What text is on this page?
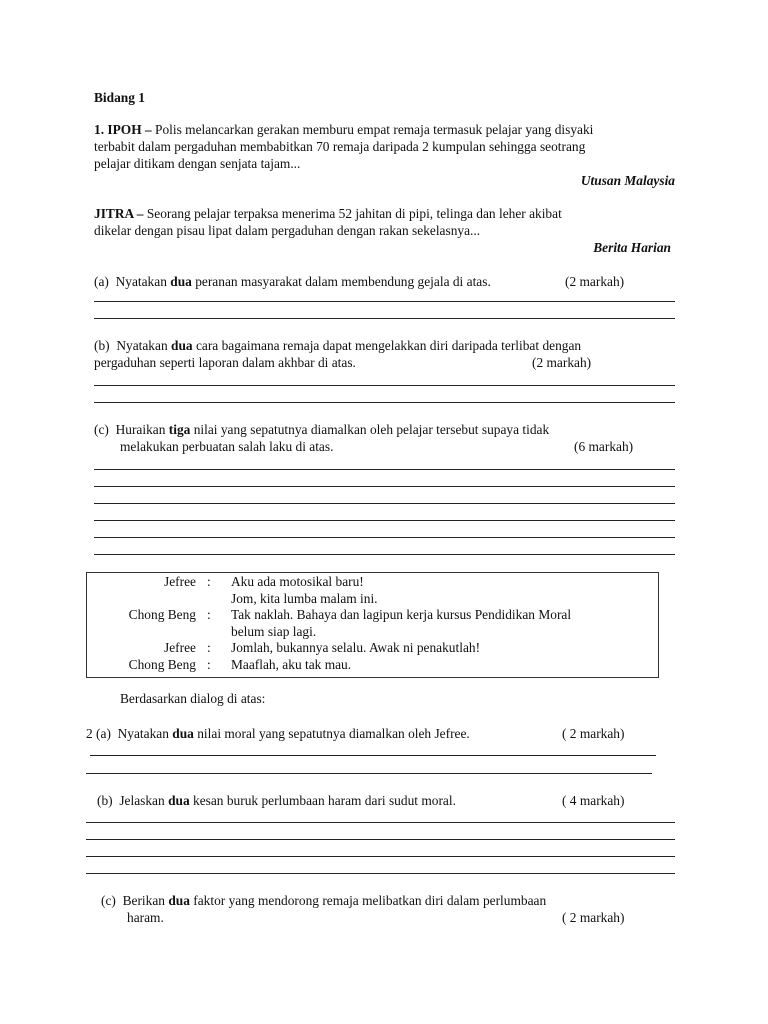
Bidang 1
1. IPOH – Polis melancarkan gerakan memburu empat remaja termasuk pelajar yang disyaki
terbabit dalam pergaduhan membabitkan 70 remaja daripada 2 kumpulan sehingga seotrang
pelajar ditikam dengan senjata tajam...
Utusan Malaysia
JITRA – Seorang pelajar terpaksa menerima 52 jahitan di pipi, telinga dan leher akibat
dikelar dengan pisau lipat dalam pergaduhan dengan rakan sekelasnya...
Berita Harian
(a) Nyatakan dua peranan masyarakat dalam membendung gejala di atas.	(2 markah)
(b) Nyatakan dua cara bagaimana remaja dapat mengelakkan diri daripada terlibat dengan
pergaduhan seperti laporan dalam akhbar di atas.	(2 markah)
(c) Huraikan tiga nilai yang sepatutnya diamalkan oleh pelajar tersebut supaya tidak
melakukan perbuatan salah laku di atas.	(6 markah)
Jefree : Aku ada motosikal baru!
Jom, kita lumba malam ini.
Chong Beng : Tak naklah. Bahaya dan lagipun kerja kursus Pendidikan Moral
belum siap lagi.
Jefree : Jomlah, bukannya selalu. Awak ni penakutlah!
Chong Beng : Maaflah, aku tak mau.
Berdasarkan dialog di atas:
2 (a) Nyatakan dua nilai moral yang sepatutnya diamalkan oleh Jefree.	( 2 markah)
(b) Jelaskan dua kesan buruk perlumbaan haram dari sudut moral.	( 4 markah)
(c) Berikan dua faktor yang mendorong remaja melibatkan diri dalam perlumbaan
haram.	( 2 markah)
